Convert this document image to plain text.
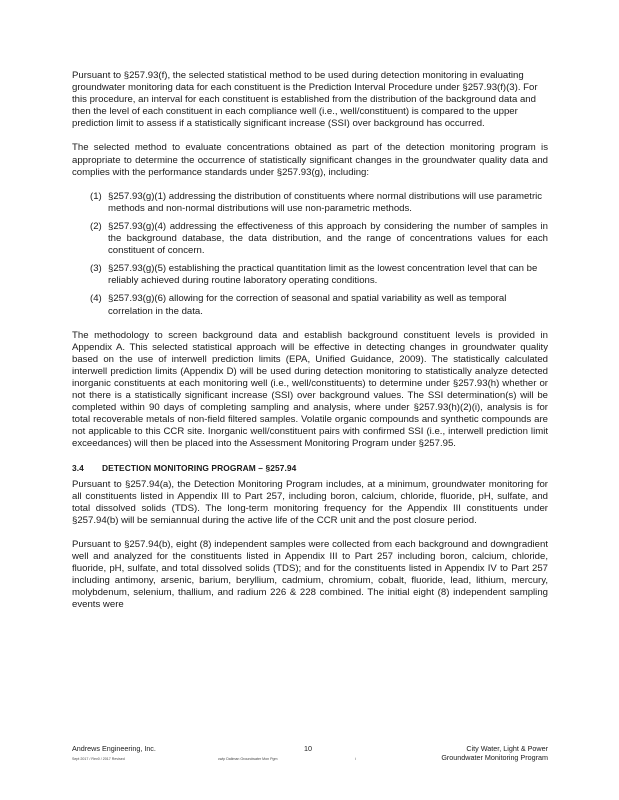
Pursuant to §257.93(f), the selected statistical method to be used during detection monitoring in evaluating groundwater monitoring data for each constituent is the Prediction Interval Procedure under §257.93(f)(3). For this procedure, an interval for each constituent is established from the distribution of the background data and then the level of each constituent in each compliance well (i.e., well/constituent) is compared to the upper prediction limit to assess if a statistically significant increase (SSI) over background has occurred.

The selected method to evaluate concentrations obtained as part of the detection monitoring program is appropriate to determine the occurrence of statistically significant changes in the groundwater quality data and complies with the performance standards under §257.93(g), including:

(1) §257.93(g)(1) addressing the distribution of constituents where normal distributions will use parametric methods and non-normal distributions will use non-parametric methods.
(2) §257.93(g)(4) addressing the effectiveness of this approach by considering the number of samples in the background database, the data distribution, and the range of concentrations values for each constituent of concern.
(3) §257.93(g)(5) establishing the practical quantitation limit as the lowest concentration level that can be reliably achieved during routine laboratory operating conditions.
(4) §257.93(g)(6) allowing for the correction of seasonal and spatial variability as well as temporal correlation in the data.

The methodology to screen background data and establish background constituent levels is provided in Appendix A. This selected statistical approach will be effective in detecting changes in groundwater quality based on the use of interwell prediction limits (EPA, Unified Guidance, 2009). The statistically calculated interwell prediction limits (Appendix D) will be used during detection monitoring to statistically analyze detected inorganic constituents at each monitoring well (i.e., well/constituents) to determine under §257.93(h) whether or not there is a statistically significant increase (SSI) over background values. The SSI determination(s) will be completed within 90 days of completing sampling and analysis, where under §257.93(h)(2)(i), analysis is for total recoverable metals of non-field filtered samples. Volatile organic compounds and synthetic compounds are not applicable to this CCR site. Inorganic well/constituent pairs with confirmed SSI (i.e., interwell prediction limit exceedances) will then be placed into the Assessment Monitoring Program under §257.95.

3.4	DETECTION MONITORING PROGRAM – §257.94

Pursuant to §257.94(a), the Detection Monitoring Program includes, at a minimum, groundwater monitoring for all constituents listed in Appendix III to Part 257, including boron, calcium, chloride, fluoride, pH, sulfate, and total dissolved solids (TDS). The long-term monitoring frequency for the Appendix III constituents under §257.94(b) will be semiannual during the active life of the CCR unit and the post closure period.

Pursuant to §257.94(b), eight (8) independent samples were collected from each background and downgradient well and analyzed for the constituents listed in Appendix III to Part 257 including boron, calcium, chloride, fluoride, pH, sulfate, and total dissolved solids (TDS); and for the constituents listed in Appendix IV to Part 257 including antimony, arsenic, barium, beryllium, cadmium, chromium, cobalt, fluoride, lead, lithium, mercury, molybdenum, selenium, thallium, and radium 226 & 228 combined. The initial eight (8) independent sampling events were

Andrews Engineering, Inc.	10	City Water, Light & Power
Groundwater Monitoring Program
Sept 2017 / Rev0 / 2017 Revised	cwlp Dallman Groundwater Mon Pgm	i
